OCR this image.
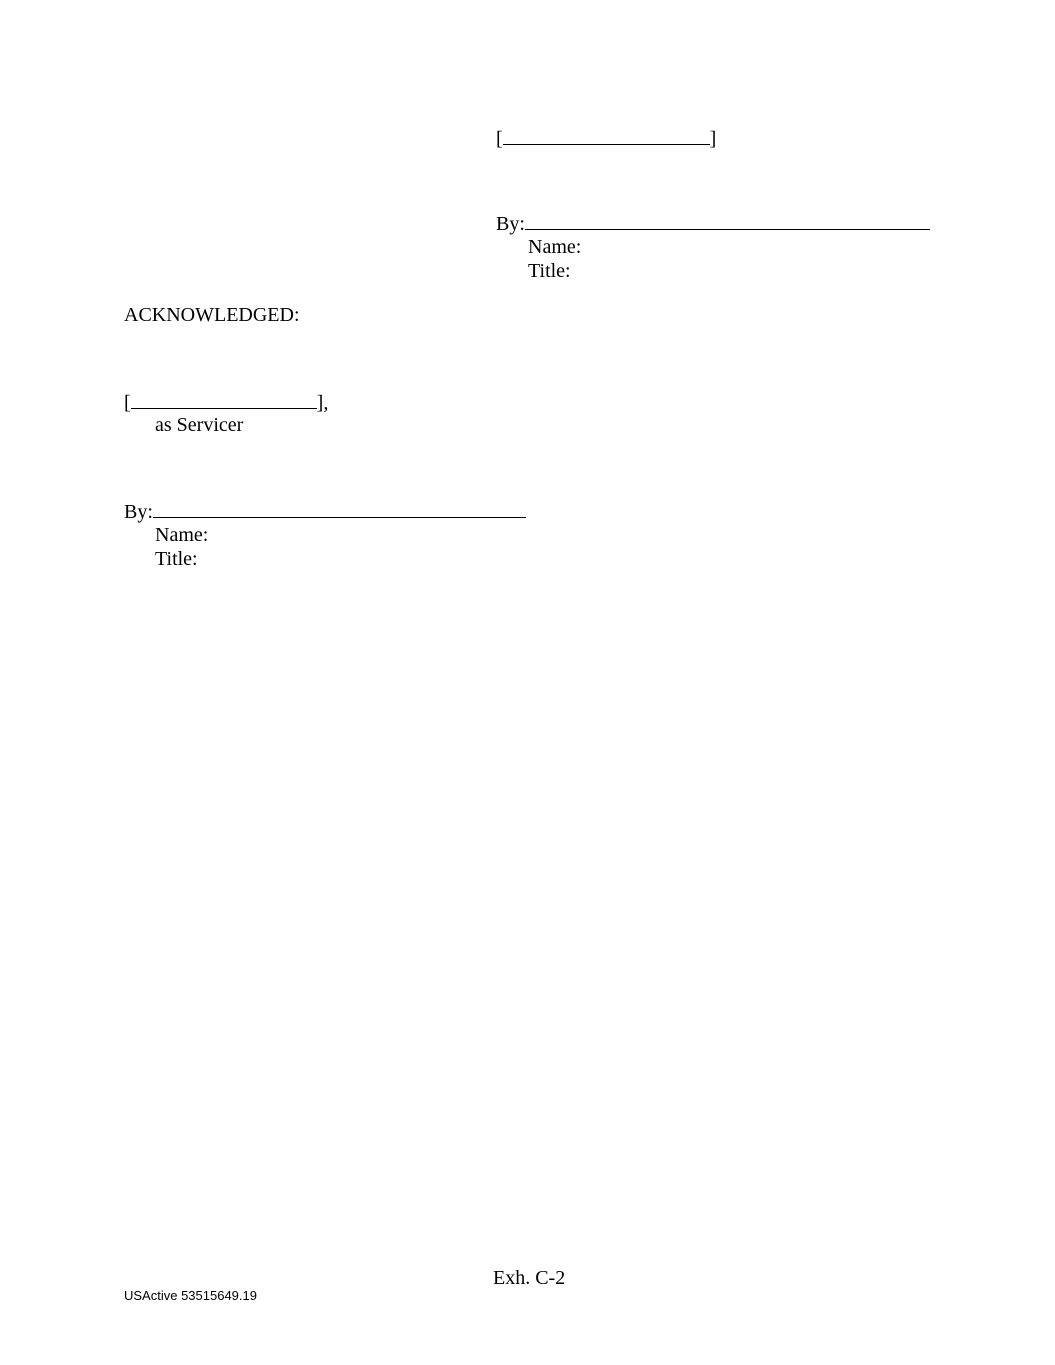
[	]
By:
Name:
Title:
ACKNOWLEDGED:
[	],
as Servicer
By:
Name:
Title:
Exh. C-2
USActive 53515649.19
